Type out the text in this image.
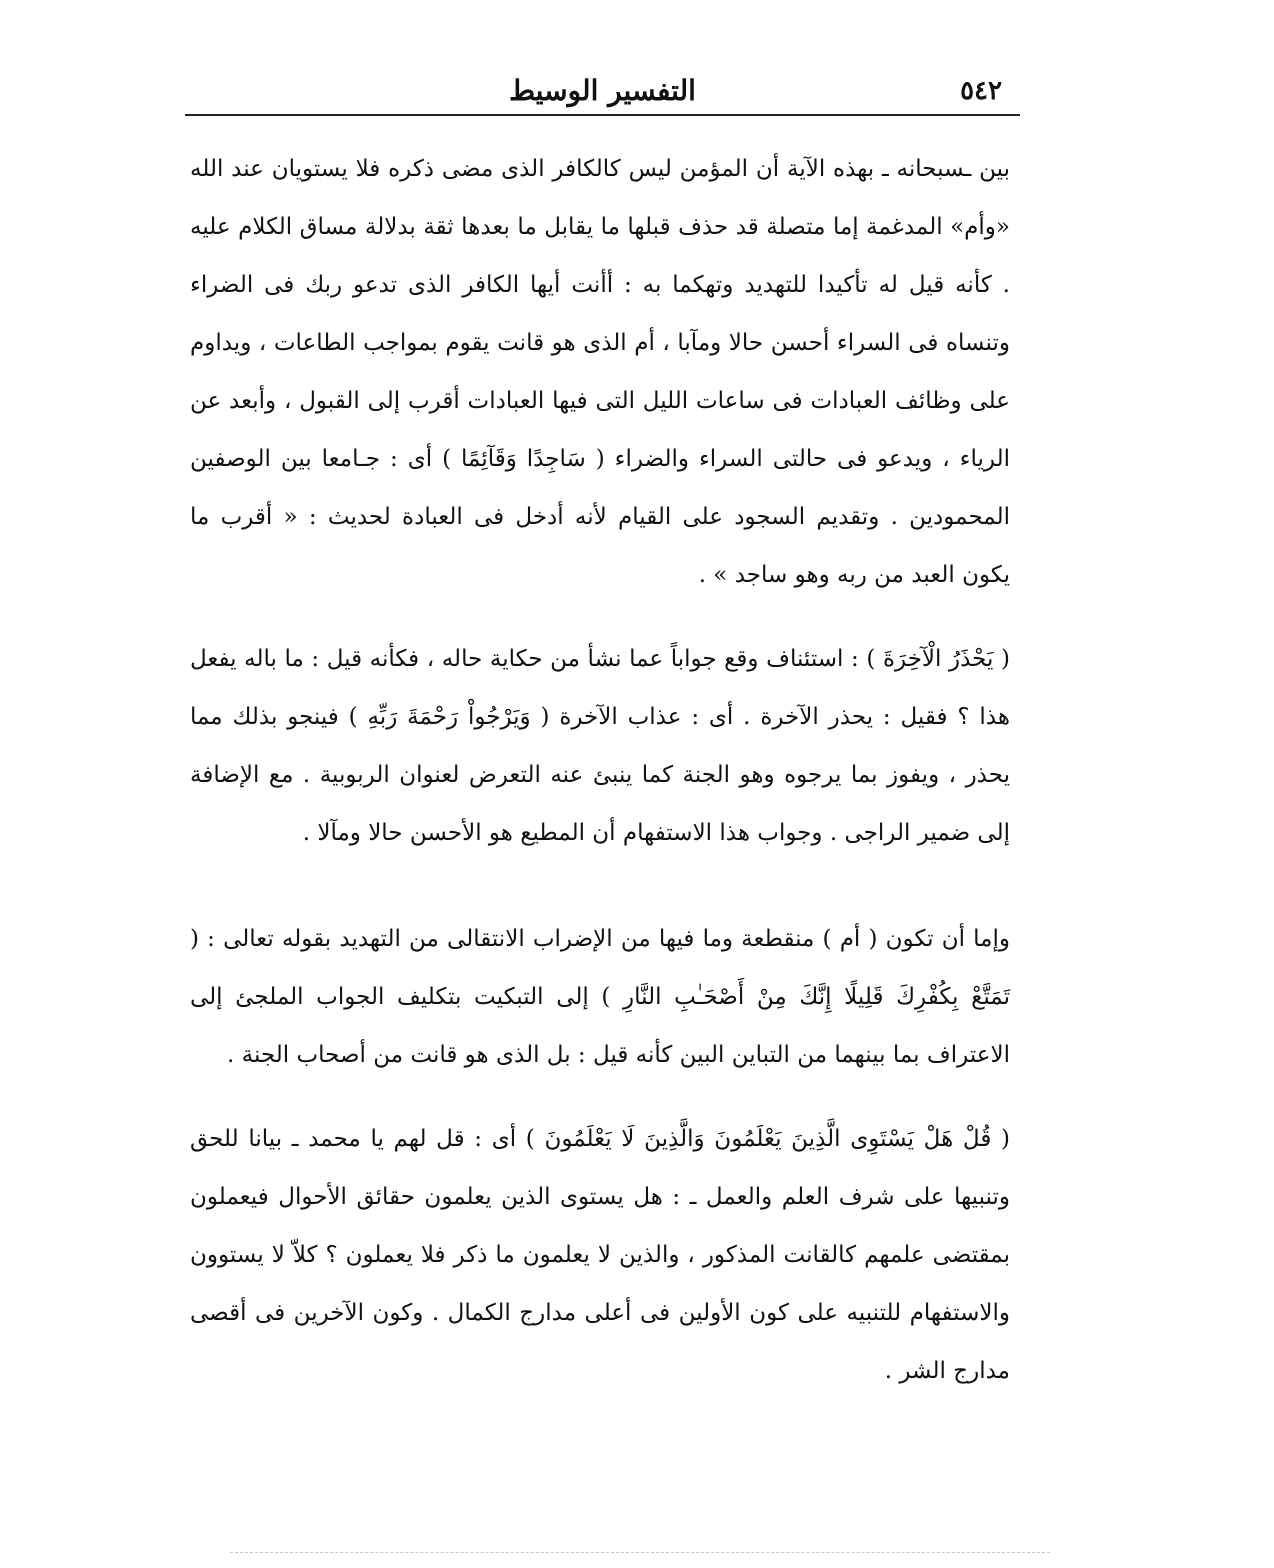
٥٤٢
التفسير الوسيط

بين ـسبحانه ـ بهذه الآية أن المؤمن ليس كالكافر الذى مضى ذكره فلا يستويان عند الله «وأم» المدغمة إما متصلة قد حذف قبلها ما يقابل ما بعدها ثقة بدلالة مساق الكلام عليه . كأنه قيل له تأكيدا للتهديد وتهكما به : أأنت أيها الكافر الذى تدعو ربك فى الضراء وتنساه فى السراء أحسن حالا ومآبا ، أم الذى هو قانت يقوم بمواجب الطاعات ، ويداوم على وظائف العبادات فى ساعات الليل التى فيها العبادات أقرب إلى القبول ، وأبعد عن الرياء ، ويدعو فى حالتى السراء والضراء ( سَاجِدًا وَقَآئِمًا ) أى : جـامعا بين الوصفين المحمودين . وتقديم السجود على القيام لأنه أدخل فى العبادة لحديث : « أقرب ما يكون العبد من ربه وهو ساجد » .

( يَحْذَرُ الْآخِرَةَ ) : استئناف وقع جواباً عما نشأ من حكاية حاله ، فكأنه قيل : ما باله يفعل هذا ؟ فقيل : يحذر الآخرة . أى : عذاب الآخرة ( وَيَرْجُواْ رَحْمَةَ رَبِّهِ ) فينجو بذلك مما يحذر ، ويفوز بما يرجوه وهو الجنة كما ينبئ عنه التعرض لعنوان الربوبية . مع الإضافة إلى ضمير الراجى . وجواب هذا الاستفهام أن المطيع هو الأحسن حالا ومآلا .

وإما أن تكون ( أم ) منقطعة وما فيها من الإضراب الانتقالى من التهديد بقوله تعالى : ( تَمَتَّعْ بِكُفْرِكَ قَلِيلًا إِنَّكَ مِنْ أَصْحَـٰبِ النَّارِ ) إلى التبكيت بتكليف الجواب الملجئ إلى الاعتراف بما بينهما من التباين البين كأنه قيل : بل الذى هو قانت من أصحاب الجنة .

( قُلْ هَلْ يَسْتَوِى الَّذِينَ يَعْلَمُونَ وَالَّذِينَ لَا يَعْلَمُونَ ) أى : قل لهم يا محمد ـ بيانا للحق وتنبيها على شرف العلم والعمل ـ : هل يستوى الذين يعلمون حقائق الأحوال فيعملون بمقتضى علمهم كالقانت المذكور ، والذين لا يعلمون ما ذكر فلا يعملون ؟ كلاّ لا يستوون والاستفهام للتنبيه على كون الأولين فى أعلى مدارج الكمال . وكون الآخرين فى أقصى مدارج الشر .
